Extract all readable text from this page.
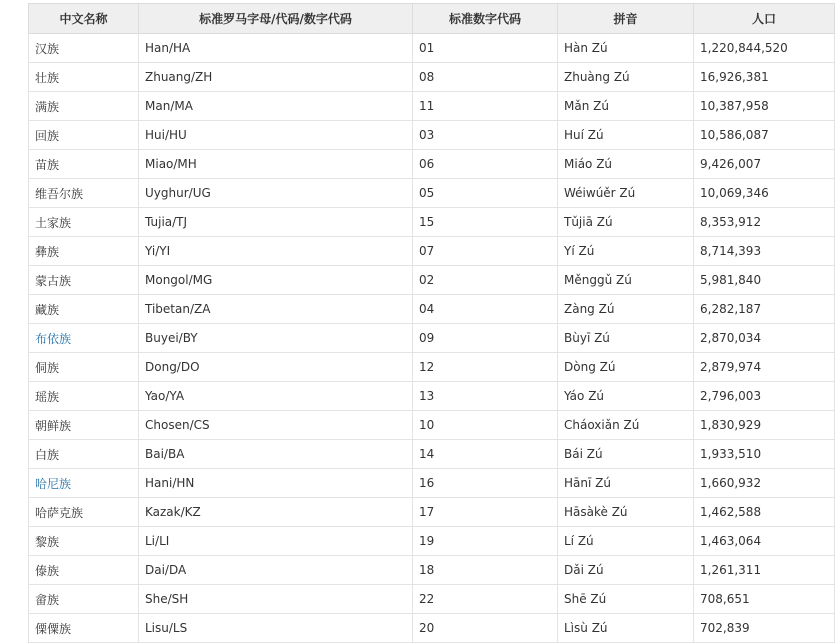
中文名称	标准罗马字母/代码/数字代码	标准数字代码	拼音	人口
汉族	Han/HA	01	Hàn Zú	1,220,844,520
壮族	Zhuang/ZH	08	Zhuàng Zú	16,926,381
满族	Man/MA	11	Mǎn Zú	10,387,958
回族	Hui/HU	03	Huí Zú	10,586,087
苗族	Miao/MH	06	Miáo Zú	9,426,007
维吾尔族	Uyghur/UG	05	Wéiwúěr Zú	10,069,346
土家族	Tujia/TJ	15	Tǔjiā Zú	8,353,912
彝族	Yi/YI	07	Yí Zú	8,714,393
蒙古族	Mongol/MG	02	Měnggǔ Zú	5,981,840
藏族	Tibetan/ZA	04	Zàng Zú	6,282,187
布依族	Buyei/BY	09	Bùyī Zú	2,870,034
侗族	Dong/DO	12	Dòng Zú	2,879,974
瑶族	Yao/YA	13	Yáo Zú	2,796,003
朝鲜族	Chosen/CS	10	Cháoxiǎn Zú	1,830,929
白族	Bai/BA	14	Bái Zú	1,933,510
哈尼族	Hani/HN	16	Hānī Zú	1,660,932
哈萨克族	Kazak/KZ	17	Hāsàkè Zú	1,462,588
黎族	Li/LI	19	Lí Zú	1,463,064
傣族	Dai/DA	18	Dǎi Zú	1,261,311
畲族	She/SH	22	Shē Zú	708,651
傈僳族	Lisu/LS	20	Lìsù Zú	702,839
